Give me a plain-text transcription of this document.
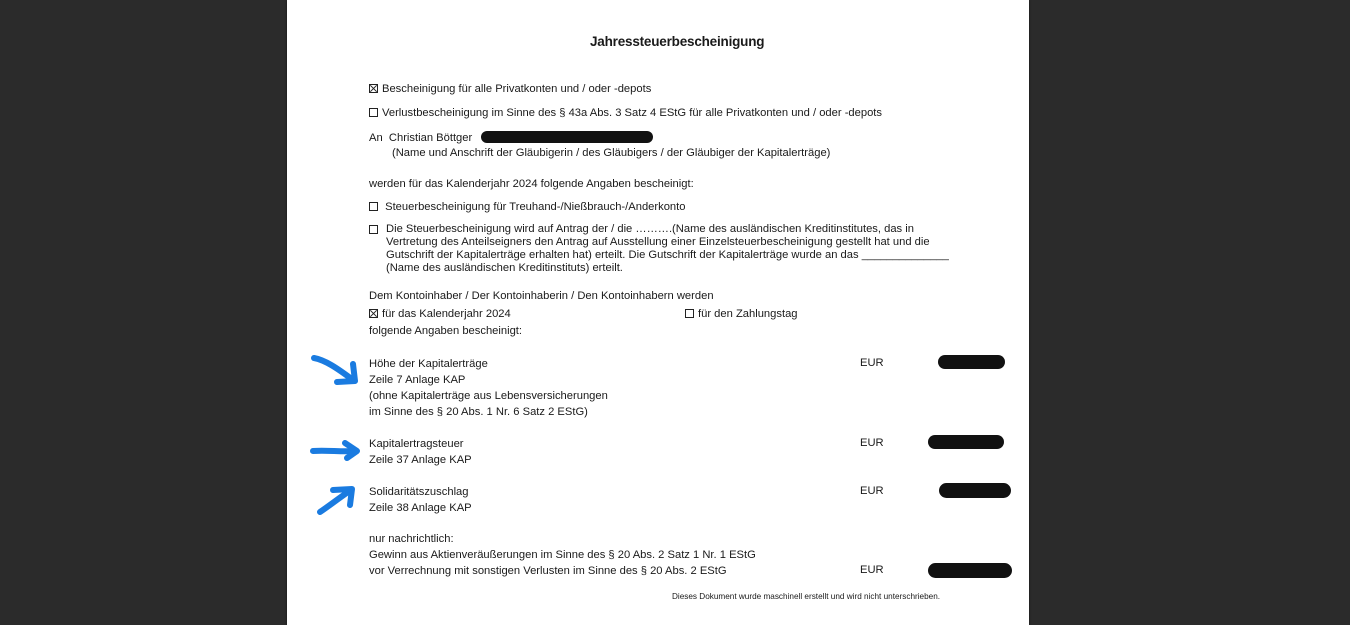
Jahressteuerbescheinigung
Bescheinigung für alle Privatkonten und / oder -depots
Verlustbescheinigung im Sinne des § 43a Abs. 3 Satz 4 EStG für alle Privatkonten und / oder -depots
An Christian Böttger
(Name und Anschrift der Gläubigerin / des Gläubigers / der Gläubiger der Kapitalerträge)
werden für das Kalenderjahr 2024 folgende Angaben bescheinigt:
Steuerbescheinigung für Treuhand-/Nießbrauch-/Anderkonto
Die Steuerbescheinigung wird auf Antrag der / die ……….(Name des ausländischen Kreditinstitutes, das in
Vertretung des Anteilseigners den Antrag auf Ausstellung einer Einzelsteuerbescheinigung gestellt hat und die
Gutschrift der Kapitalerträge erhalten hat) erteilt. Die Gutschrift der Kapitalerträge wurde an das ______________
(Name des ausländischen Kreditinstituts) erteilt.
Dem Kontoinhaber / Der Kontoinhaberin / Den Kontoinhabern werden
für das Kalenderjahr 2024	für den Zahlungstag
folgende Angaben bescheinigt:
Höhe der Kapitalerträge
Zeile 7 Anlage KAP
(ohne Kapitalerträge aus Lebensversicherungen
im Sinne des § 20 Abs. 1 Nr. 6 Satz 2 EStG)
EUR
Kapitalertragsteuer
Zeile 37 Anlage KAP
EUR
Solidaritätszuschlag
Zeile 38 Anlage KAP
EUR
nur nachrichtlich:
Gewinn aus Aktienveräußerungen im Sinne des § 20 Abs. 2 Satz 1 Nr. 1 EStG
vor Verrechnung mit sonstigen Verlusten im Sinne des § 20 Abs. 2 EStG	EUR
Dieses Dokument wurde maschinell erstellt und wird nicht unterschrieben.
